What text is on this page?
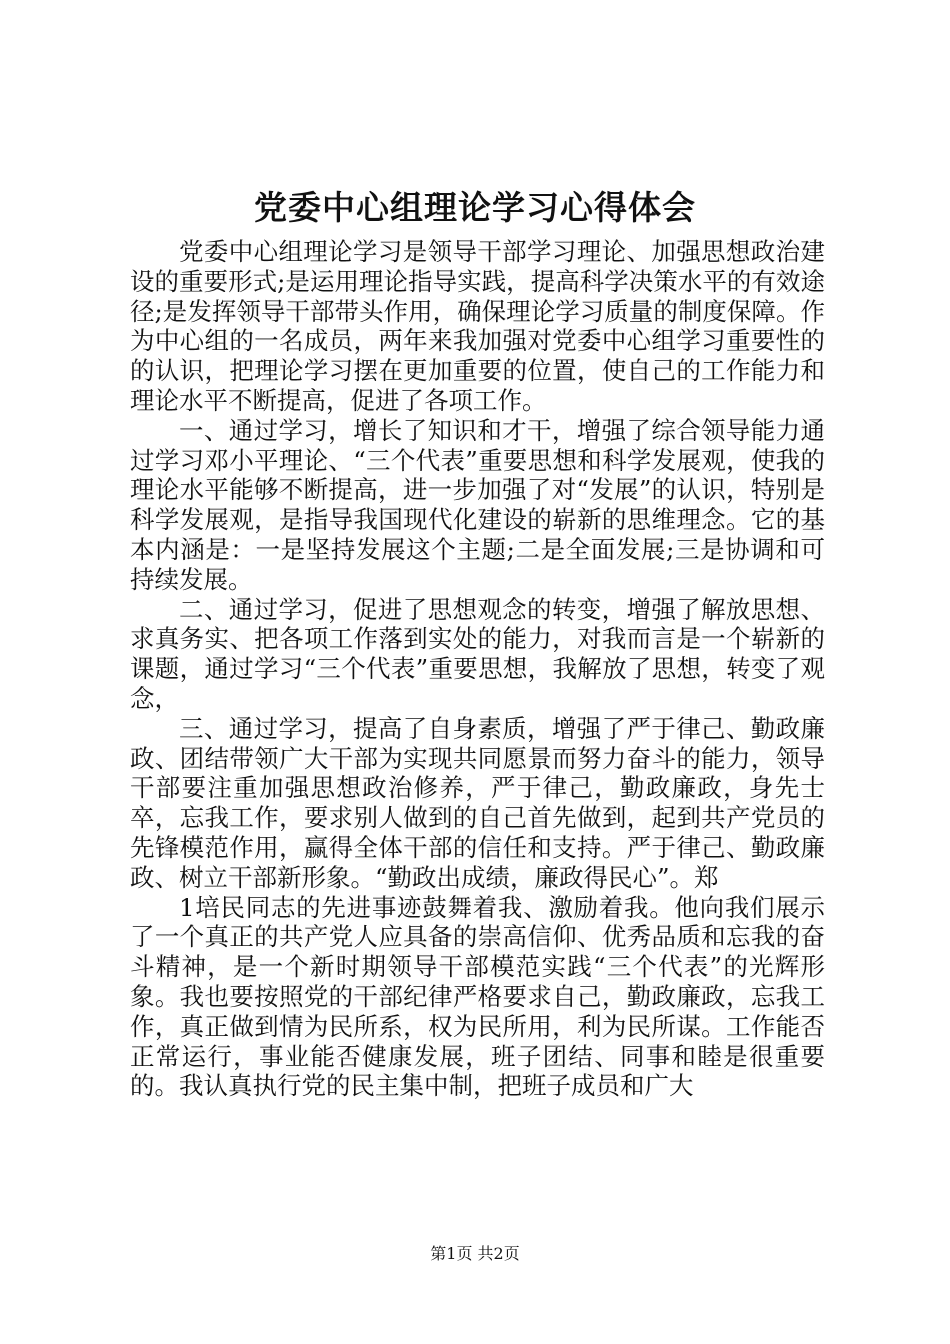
党委中心组理论学习心得体会

党委中心组理论学习是领导干部学习理论、加强思想政治建设的重要形式;是运用理论指导实践，提高科学决策水平的有效途径;是发挥领导干部带头作用，确保理论学习质量的制度保障。作为中心组的一名成员，两年来我加强对党委中心组学习重要性的的认识，把理论学习摆在更加重要的位置，使自己的工作能力和理论水平不断提高，促进了各项工作。

一、通过学习，增长了知识和才干，增强了综合领导能力通过学习邓小平理论、“三个代表”重要思想和科学发展观，使我的理论水平能够不断提高，进一步加强了对“发展”的认识，特别是科学发展观，是指导我国现代化建设的崭新的思维理念。它的基本内涵是：一是坚持发展这个主题;二是全面发展;三是协调和可持续发展。

二、通过学习，促进了思想观念的转变，增强了解放思想、求真务实、把各项工作落到实处的能力，对我而言是一个崭新的课题，通过学习“三个代表”重要思想，我解放了思想，转变了观念，

三、通过学习，提高了自身素质，增强了严于律己、勤政廉政、团结带领广大干部为实现共同愿景而努力奋斗的能力，领导干部要注重加强思想政治修养，严于律己，勤政廉政，身先士卒，忘我工作，要求别人做到的自己首先做到，起到共产党员的先锋模范作用，赢得全体干部的信任和支持。严于律己、勤政廉政、树立干部新形象。“勤政出成绩，廉政得民心”。郑

1培民同志的先进事迹鼓舞着我、激励着我。他向我们展示了一个真正的共产党人应具备的崇高信仰、优秀品质和忘我的奋斗精神，是一个新时期领导干部模范实践“三个代表”的光辉形象。我也要按照党的干部纪律严格要求自己，勤政廉政，忘我工作，真正做到情为民所系，权为民所用，利为民所谋。工作能否正常运行，事业能否健康发展，班子团结、同事和睦是很重要的。我认真执行党的民主集中制，把班子成员和广大

第1页 共2页
